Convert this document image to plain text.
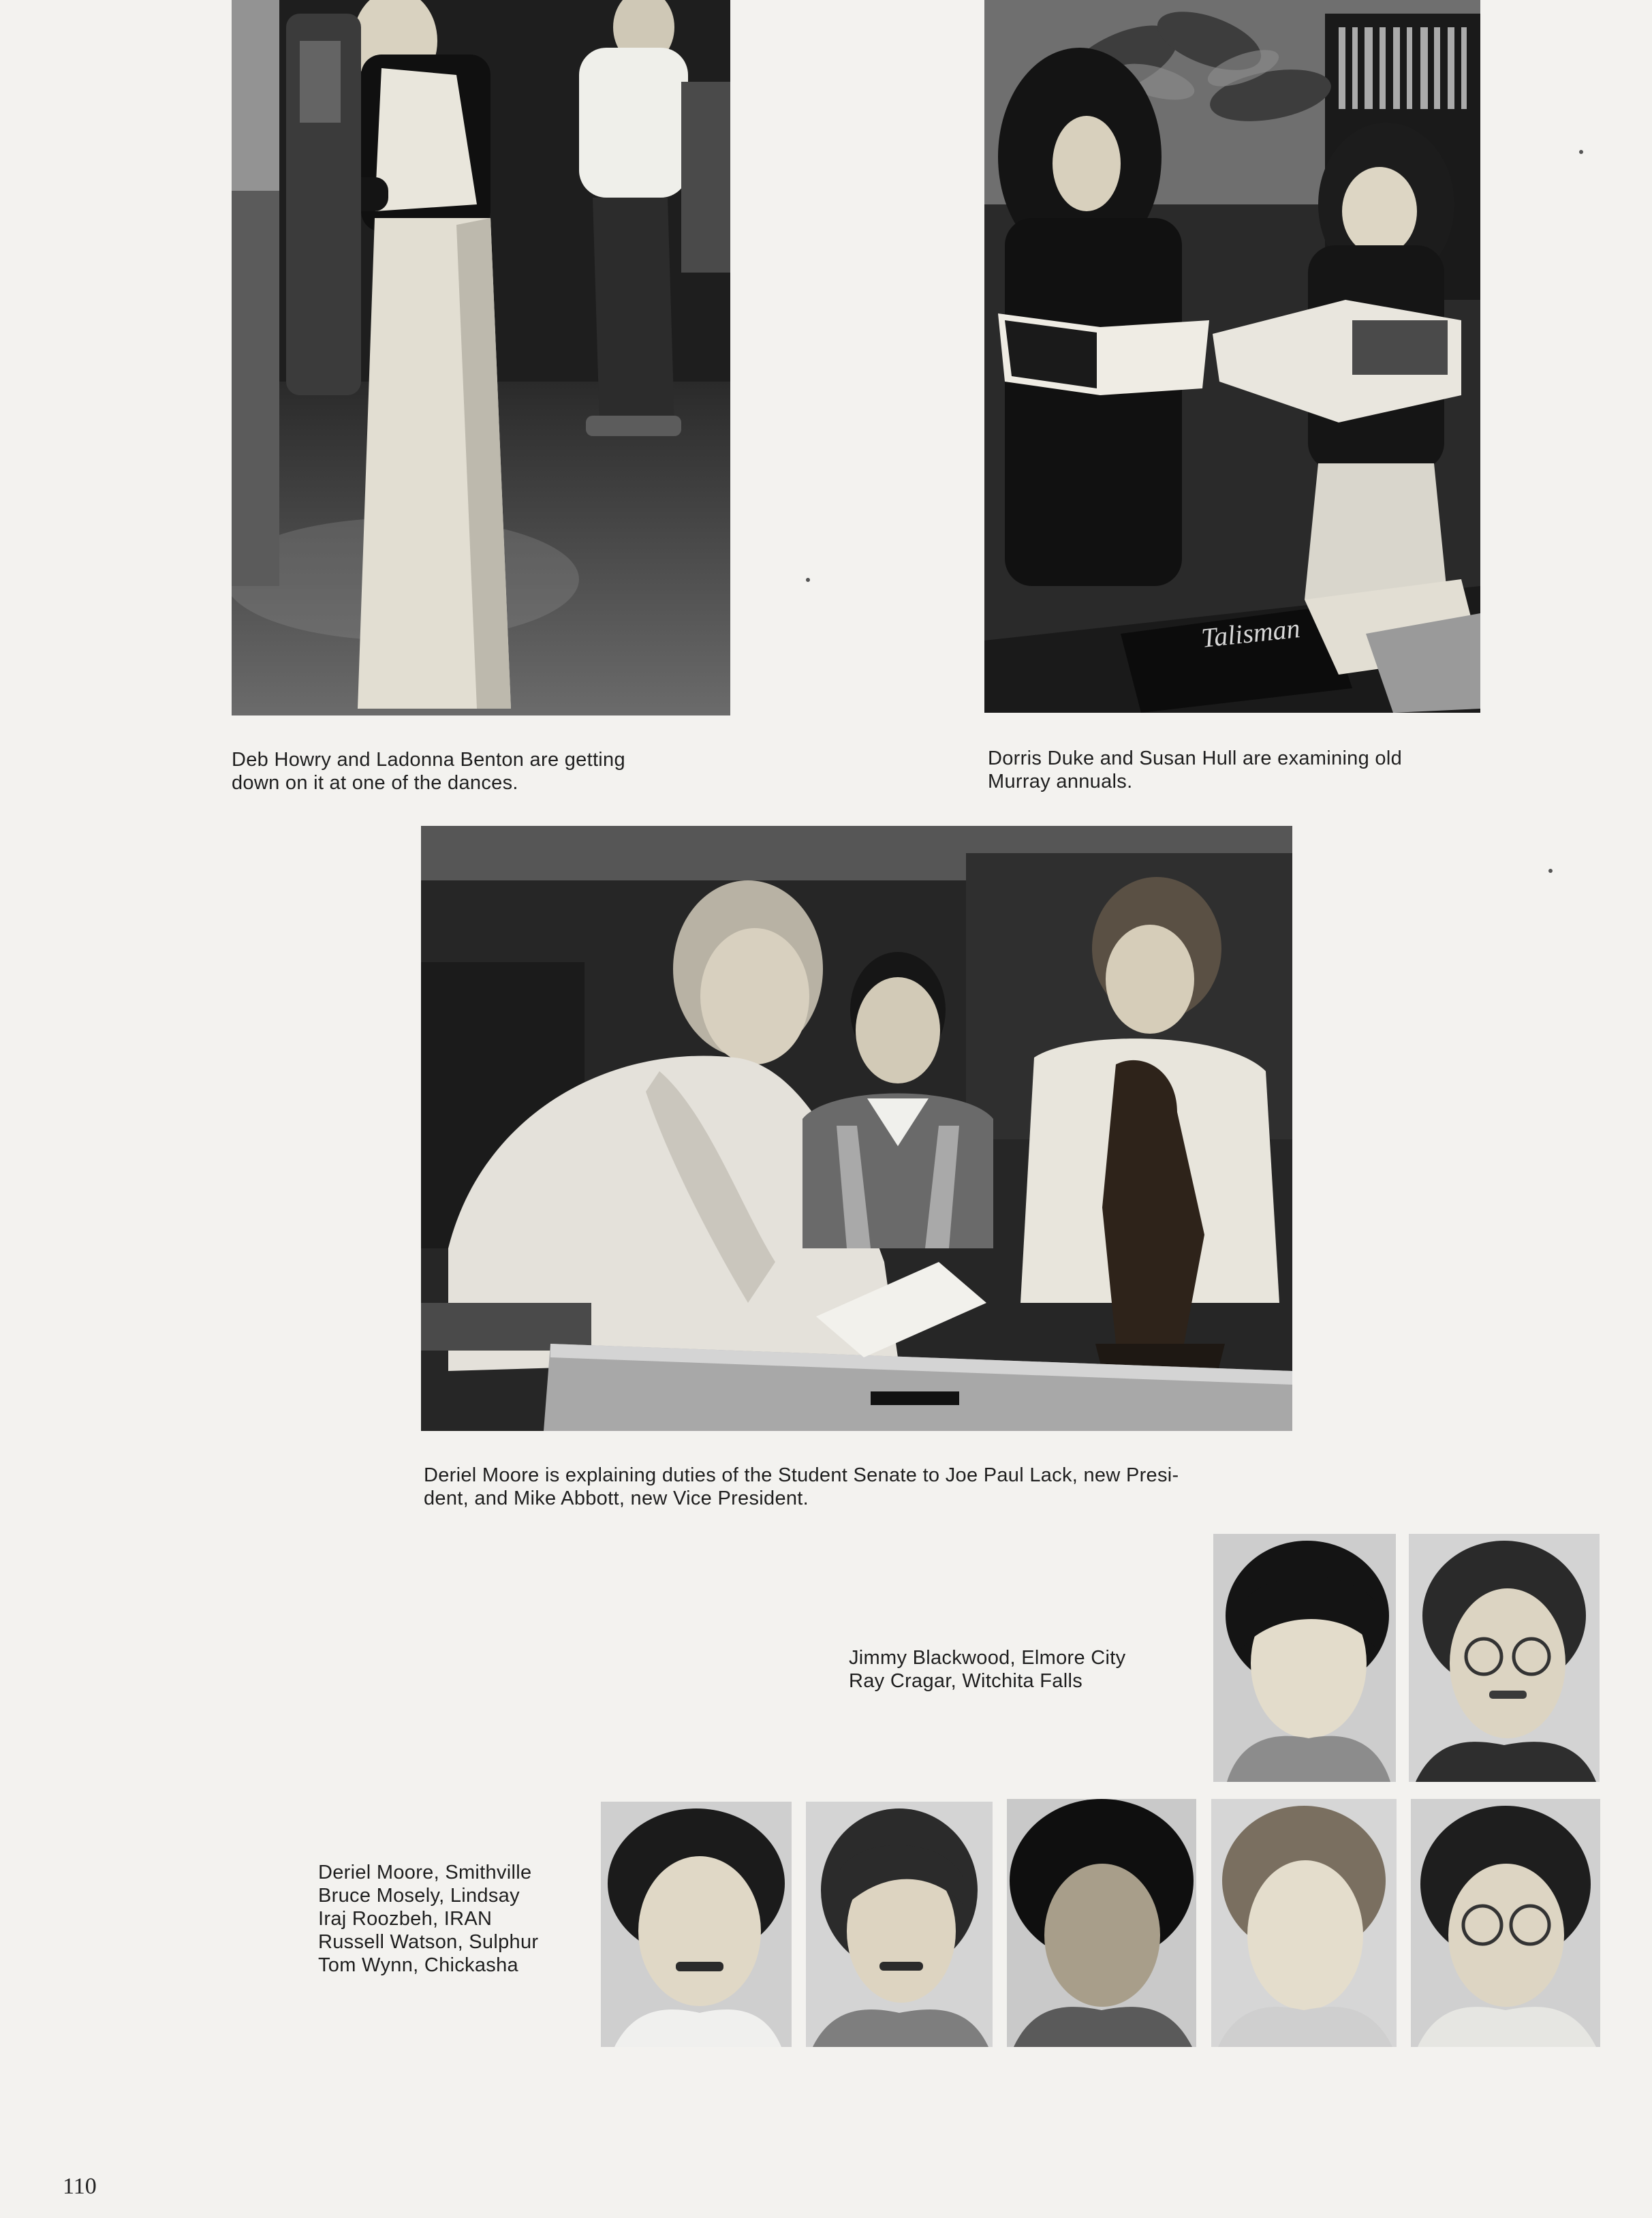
Talisman
Deb Howry and Ladonna Benton are getting
down on it at one of the dances.
Dorris Duke and Susan Hull are examining old
Murray annuals.
Deriel Moore is explaining duties of the Student Senate to Joe Paul Lack, new Presi-
dent, and Mike Abbott, new Vice President.
Jimmy Blackwood, Elmore City
Ray Cragar, Witchita Falls
Deriel Moore, Smithville
Bruce Mosely, Lindsay
Iraj Roozbeh, IRAN
Russell Watson, Sulphur
Tom Wynn, Chickasha
110
